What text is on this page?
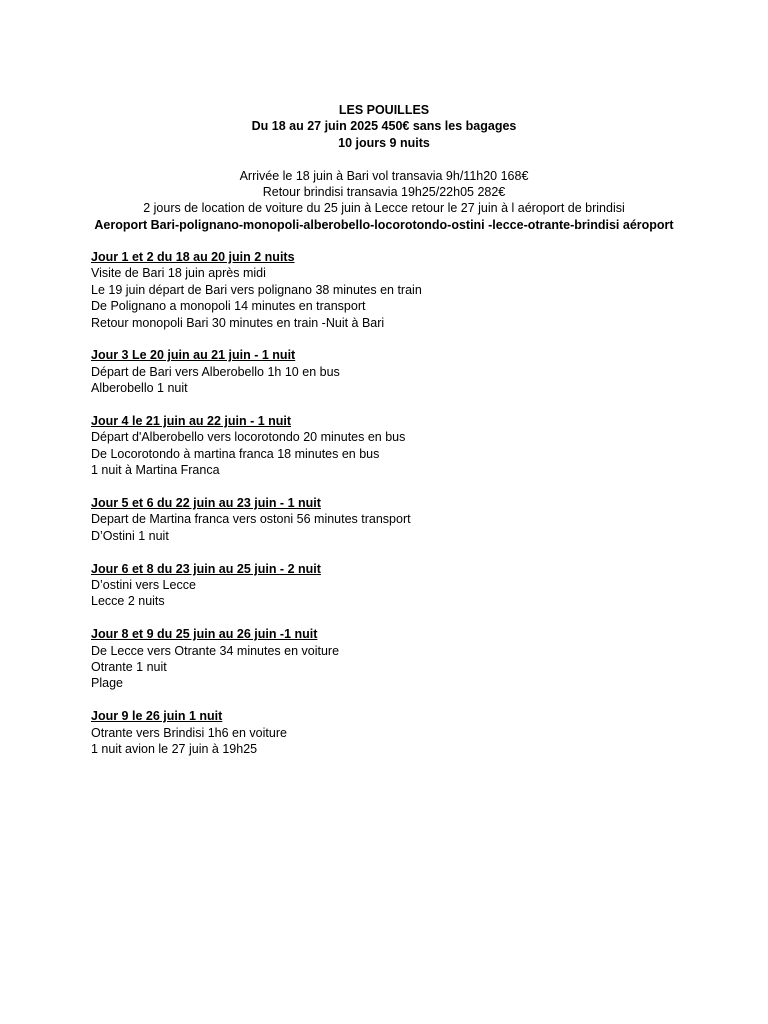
LES POUILLES
Du 18 au 27 juin 2025 450€ sans les bagages
10 jours 9 nuits
Arrivée le 18 juin à Bari vol transavia 9h/11h20 168€
Retour brindisi transavia 19h25/22h05 282€
2 jours de location de voiture du 25 juin à Lecce retour le 27 juin à l aéroport de brindisi
Aeroport Bari-polignano-monopoli-alberobello-locorotondo-ostini -lecce-otrante-brindisi aéroport
Jour 1 et 2 du 18 au 20 juin 2 nuits
Visite de Bari 18 juin après midi
Le 19 juin départ de Bari vers polignano 38 minutes en train
De Polignano a monopoli 14 minutes en transport
Retour monopoli Bari 30 minutes en train -Nuit à Bari
Jour 3 Le 20 juin au 21 juin - 1 nuit
Départ de Bari vers Alberobello 1h 10 en bus
Alberobello 1 nuit
Jour 4 le 21 juin au 22 juin - 1 nuit
Départ d'Alberobello vers locorotondo 20 minutes en bus
De Locorotondo à martina franca 18 minutes en bus
1 nuit à Martina Franca
Jour 5 et 6 du 22 juin au 23 juin - 1 nuit
Depart de Martina franca vers ostoni 56 minutes transport
D’Ostini 1 nuit
Jour 6 et 8 du 23 juin au 25 juin - 2 nuit
D’ostini vers Lecce
Lecce 2 nuits
Jour 8 et 9 du 25 juin au 26 juin -1 nuit
De Lecce vers Otrante 34 minutes en voiture
Otrante 1 nuit
Plage
Jour 9 le 26 juin 1 nuit
Otrante vers Brindisi 1h6 en voiture
1 nuit avion le 27 juin à 19h25
